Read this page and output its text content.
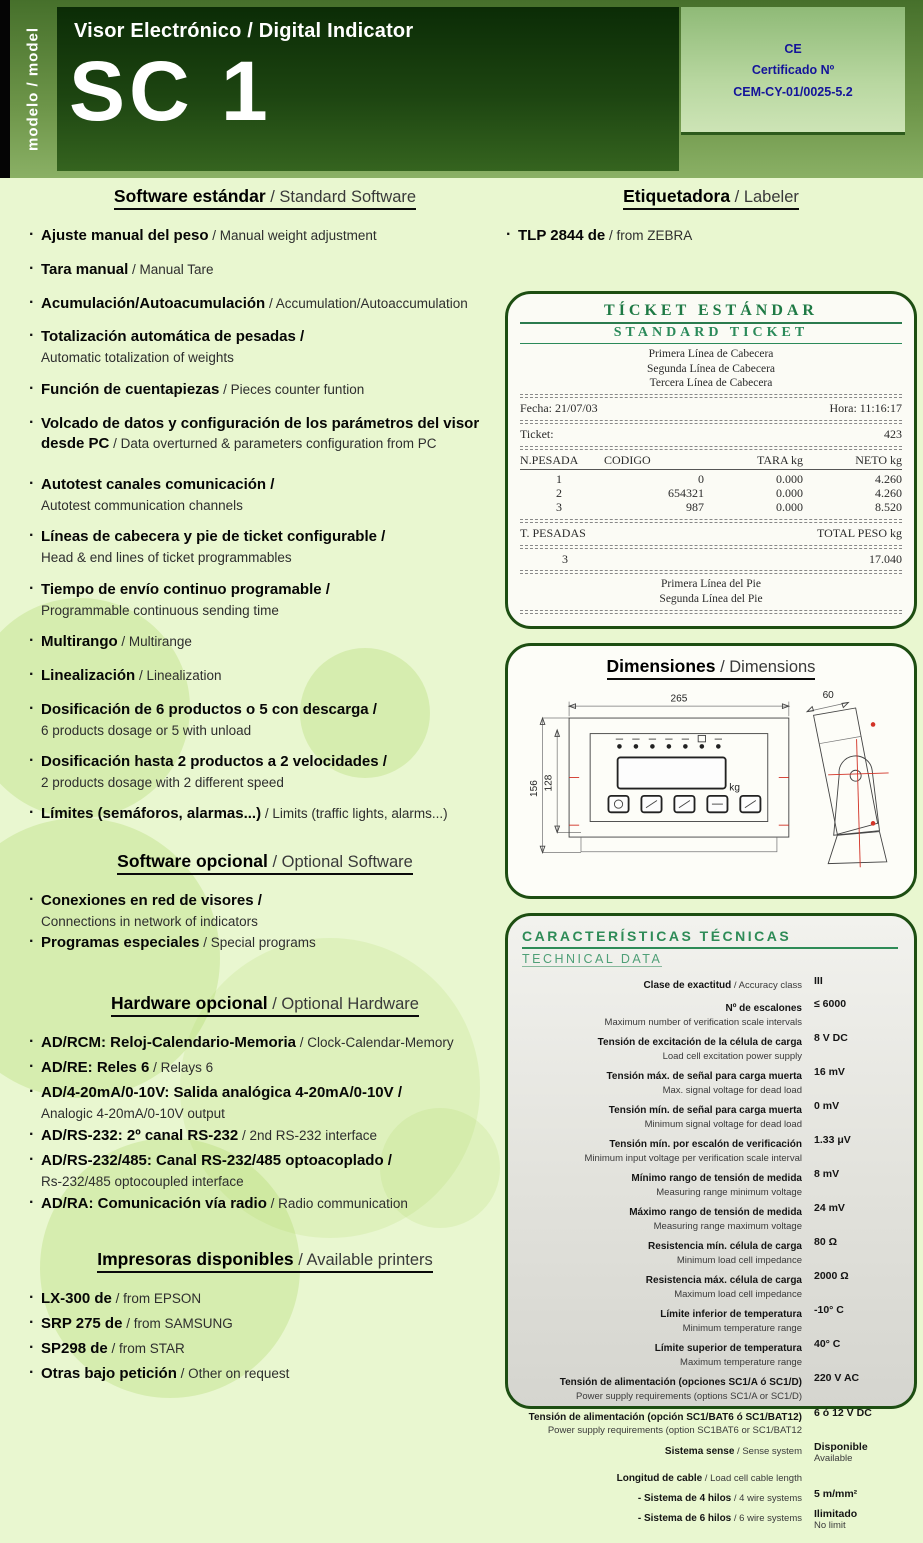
modelo / model	Visor Electrónico / Digital Indicator
SC 1	CE
Certificado Nº
CEM-CY-01/0025-5.2
Software estándar / Standard Software
· Ajuste manual del peso / Manual weight adjustment
· Tara manual / Manual Tare
· Acumulación/Autoacumulación / Accumulation/Autoaccumulation
· Totalización automática de pesadas /
Automatic totalization of weights
· Función de cuentapiezas / Pieces counter funtion
· Volcado de datos y configuración de los parámetros del visor desde PC / Data overturned & parameters configuration from PC
· Autotest canales comunicación /
Autotest communication channels
· Líneas de cabecera y pie de ticket configurable /
Head & end lines of ticket programmables
· Tiempo de envío continuo programable /
Programmable continuous sending time
· Multirango / Multirange
· Linealización / Linealization
· Dosificación de 6 productos o 5 con descarga /
6 products dosage or 5 with unload
· Dosificación hasta 2 productos a 2 velocidades /
2 products dosage with 2 different speed
· Límites (semáforos, alarmas...) / Limits (traffic lights, alarms...)
Software opcional / Optional Software
· Conexiones en red de visores /
Connections in network of indicators
· Programas especiales / Special programs
Hardware opcional / Optional Hardware
· AD/RCM: Reloj-Calendario-Memoria / Clock-Calendar-Memory
· AD/RE: Reles 6 / Relays 6
· AD/4-20mA/0-10V: Salida analógica 4-20mA/0-10V /
Analogic 4-20mA/0-10V output
· AD/RS-232: 2º canal RS-232 / 2nd RS-232 interface
· AD/RS-232/485: Canal RS-232/485 optoacoplado /
Rs-232/485 optocoupled interface
· AD/RA: Comunicación vía radio / Radio communication
Impresoras disponibles / Available printers
· LX-300 de / from EPSON
· SRP 275 de / from SAMSUNG
· SP298 de / from STAR
· Otras bajo petición / Other on request
Etiquetadora / Labeler
· TLP 2844 de / from ZEBRA
TÍCKET ESTÁNDAR
STANDARD TICKET
Primera Línea de Cabecera
Segunda Línea de Cabecera
Tercera Línea de Cabecera
Fecha: 21/07/03	Hora: 11:16:17
Ticket:	423
N.PESADA	CODIGO	TARA kg	NETO kg
1	0	0.000	4.260
2	654321	0.000	4.260
3	987	0.000	8.520
T. PESADAS	TOTAL PESO kg
3	17.040
Primera Línea del Pie
Segunda Línea del Pie
Dimensiones / Dimensions
265
156 128	kg
60
CARACTERÍSTICAS TÉCNICAS
TECHNICAL DATA
Clase de exactitud / Accuracy class	III
Nº de escalones
Maximum number of verification scale intervals
≤ 6000
Tensión de excitación de la célula de carga
Load cell excitation power supply
8 V DC
Tensión máx. de señal para carga muerta
Max. signal voltage for dead load
16 mV
Tensión mín. de señal para carga muerta
Minimum signal voltage for dead load
0 mV
Tensión mín. por escalón de verificación
Minimum input voltage per verification scale interval
1.33 μV
Mínimo rango de tensión de medida
Measuring range minimum voltage
8 mV
Máximo rango de tensión de medida
Measuring range maximum voltage
24 mV
Resistencia mín. célula de carga
Minimum load cell impedance
80 Ω
Resistencia máx. célula de carga
Maximum load cell impedance
2000 Ω
Límite inferior de temperatura
Minimum temperature range
-10° C
Límite superior de temperatura
Maximum temperature range
40° C
Tensión de alimentación (opciones SC1/A ó SC1/D)
Power supply requirements (options SC1/A or SC1/D)
220 V AC
Tensión de alimentación (opción SC1/BAT6 ó SC1/BAT12)
Power supply requirements (option SC1BAT6 or SC1/BAT12
6 ó 12 V DC
Sistema sense / Sense system	Disponible
Available
Longitud de cable / Load cell cable length
- Sistema de 4 hilos / 4 wire systems	5 m/mm²
- Sistema de 6 hilos / 6 wire systems	Ilimitado
No limit
